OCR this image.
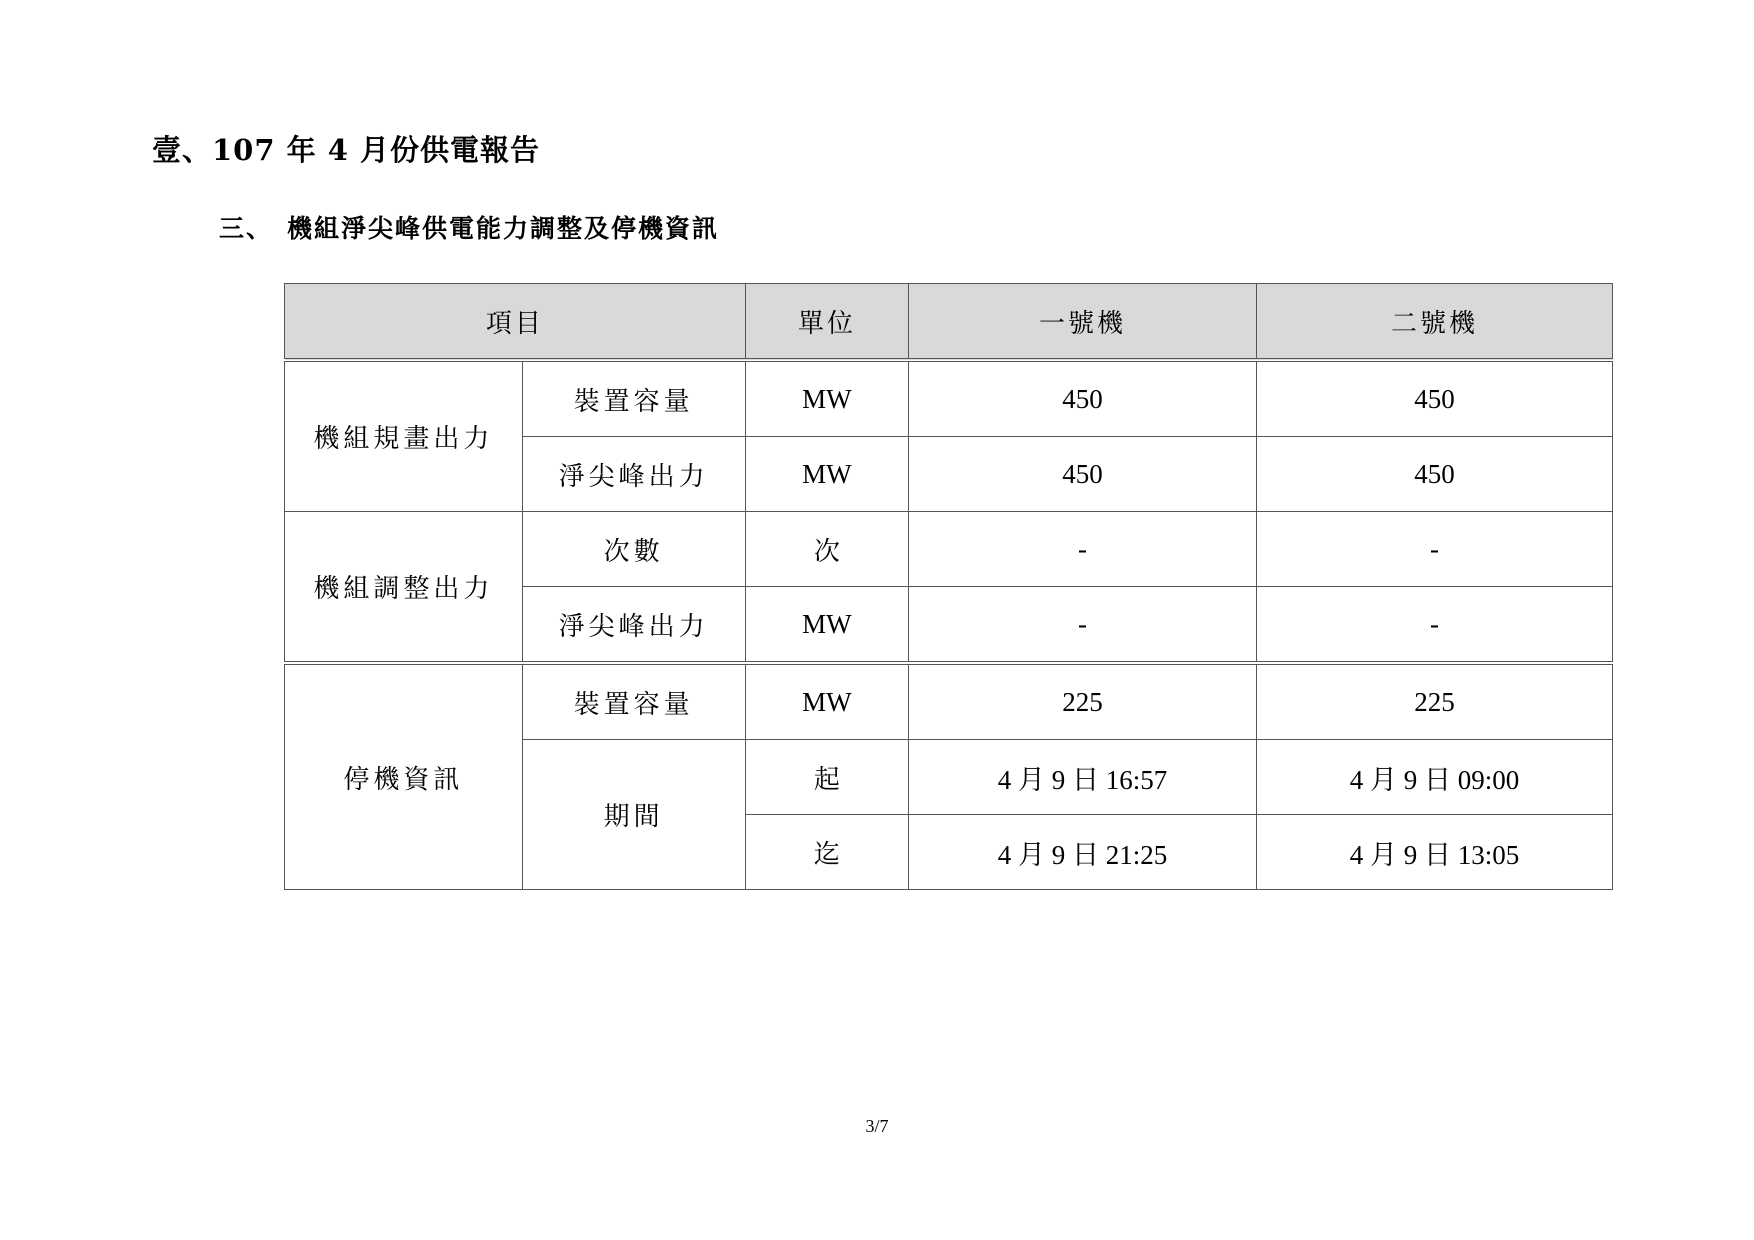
壹、107 年 4 月份供電報告
三、 機組淨尖峰供電能力調整及停機資訊
項目		單位	一號機	二號機
機組規畫出力	裝置容量	MW	450	450
	淨尖峰出力	MW	450	450
機組調整出力	次數	次	-	-
	淨尖峰出力	MW	-	-
停機資訊	裝置容量	MW	225	225
	期間	起	4 月 9 日 16:57	4 月 9 日 09:00
		迄	4 月 9 日 21:25	4 月 9 日 13:05
3/7
